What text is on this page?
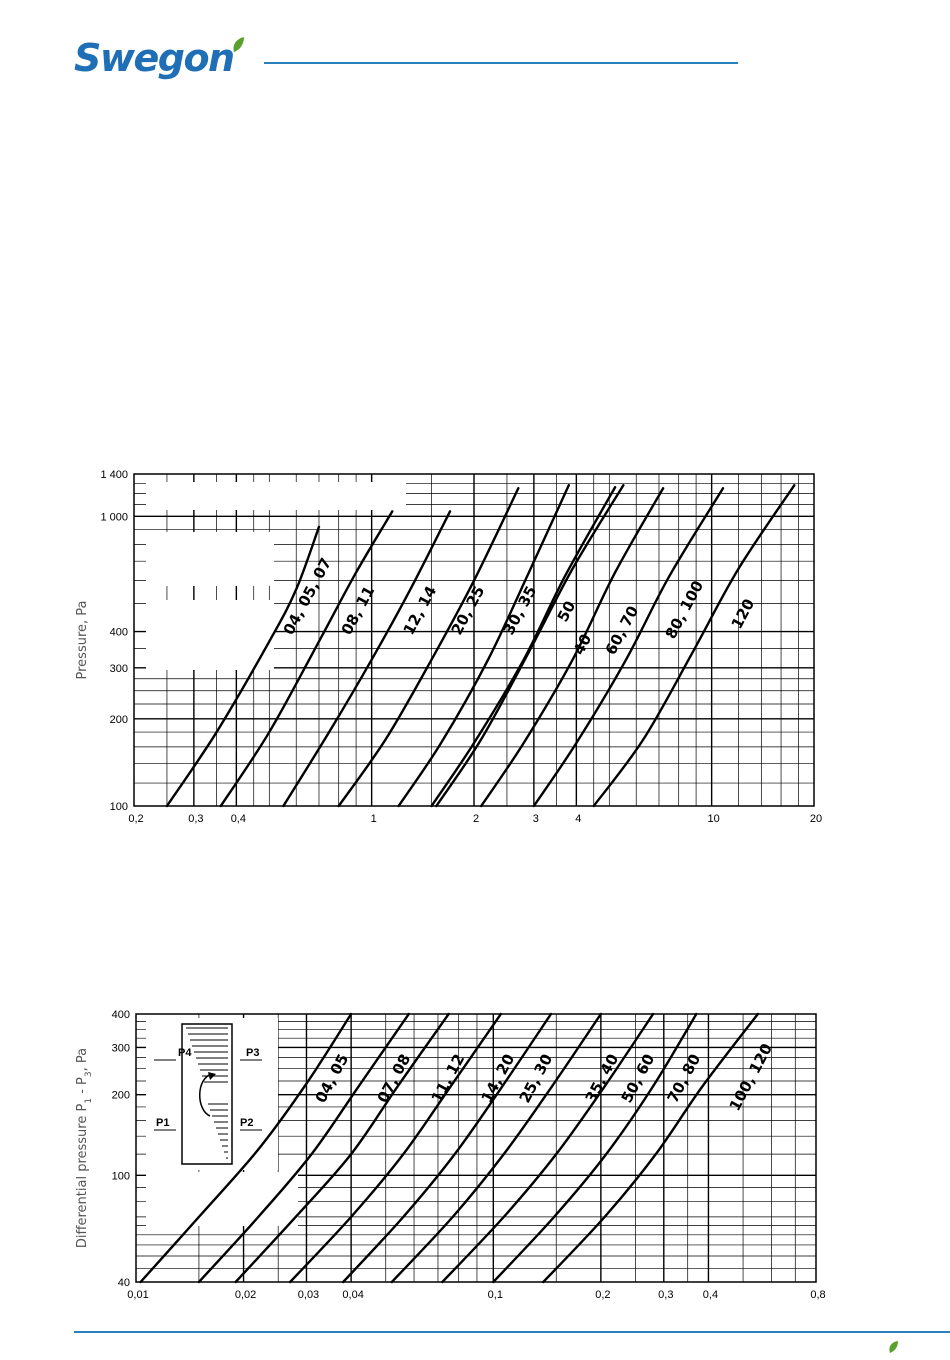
Swegon
0,2	0,3 0,4	1	2	3	4	10	20
100
200
300
400
1 000
1 400
Pressure, Pa
04, 05, 07 08, 11 12, 14 20, 25 30, 35
40
50 60, 70 80, 100 120
0,01	0,02	0,03 0,04	0,1	0,2	0,3	0,4	0,8
40
100
200
300
400
Differential pressure $P_1 - P_3$, Pa	04, 05 07, 08 11, 12 14, 20
25, 30 35, 40
50, 60 70, 80 100, 120
P4	P3
P1	P2
